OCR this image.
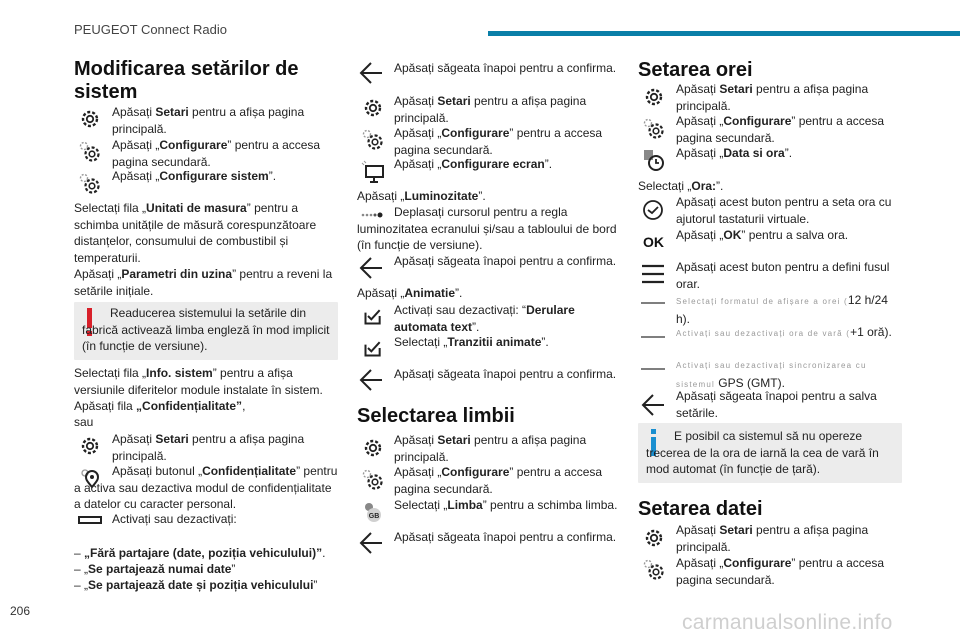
PEUGEOT Connect Radio
206	carmanualsonline.info
Modificarea setărilor de sistem

Apăsați Setari pentru a afișa pagina principală.

Apăsați „Configurare” pentru a accesa pagina secundară.

Apăsați „Configurare sistem”.

Selectați fila „Unitati de masura” pentru a schimba unitățile de măsură corespunzătoare distanțelor, consumului de combustibil și temperaturii.

Apăsați „Parametri din uzina” pentru a reveni la setările inițiale.

Readucerea sistemului la setările din fabrică activează limba engleză în mod implicit (în funcție de versiune).

Selectați fila „Info. sistem” pentru a afișa versiunile diferitelor module instalate în sistem.

Apăsați fila „Confidențialitate”,

sau

Apăsați Setari pentru a afișa pagina principală.

Apăsați butonul „Confidențialitate” pentru a activa sau dezactiva modul de confidențialitate a datelor cu caracter personal.

Activați sau dezactivați:

– „Fără partajare (date, poziția vehiculului)”.

– „Se partajează numai date”

– „Se partajează date și poziția vehiculului”

Apăsați săgeata înapoi pentru a confirma.

Apăsați Setari pentru a afișa pagina principală.

Apăsați „Configurare” pentru a accesa pagina secundară.

Apăsați „Configurare ecran”.

Apăsați „Luminozitate”.

Deplasați cursorul pentru a regla luminozitatea ecranului și/sau a tabloului de bord (în funcție de versiune).

Apăsați săgeata înapoi pentru a confirma.

Apăsați „Animatie”.

Activați sau dezactivați: “Derulare automata text”.

Selectați „Tranzitii animate”.

Apăsați săgeata înapoi pentru a confirma.

Selectarea limbii

Apăsați Setari pentru a afișa pagina principală.

Apăsați „Configurare” pentru a accesa pagina secundară.

GB

Selectați „Limba” pentru a schimba limba.

Apăsați săgeata înapoi pentru a confirma.

Setarea orei

Apăsați Setari pentru a afișa pagina principală.

Apăsați „Configurare” pentru a accesa pagina secundară.

Apăsați „Data si ora”.

Selectați „Ora:”.

Apăsați acest buton pentru a seta ora cu ajutorul tastaturii virtuale.

OK Apăsați „OK” pentru a salva ora.

Apăsați acest buton pentru a defini fusul orar.

Selectați formatul de afișare a orei (12 h/24 h).

Activați sau dezactivați ora de vară (+1 oră).

Activați sau dezactivați sincronizarea cu sistemul GPS (GMT).

Apăsați săgeata înapoi pentru a salva setările.

E posibil ca sistemul să nu opereze trecerea de la ora de iarnă la cea de vară în mod automat (în funcție de țară).
Setarea datei

Apăsați Setari pentru a afișa pagina principală.

Apăsați „Configurare” pentru a accesa pagina secundară.
